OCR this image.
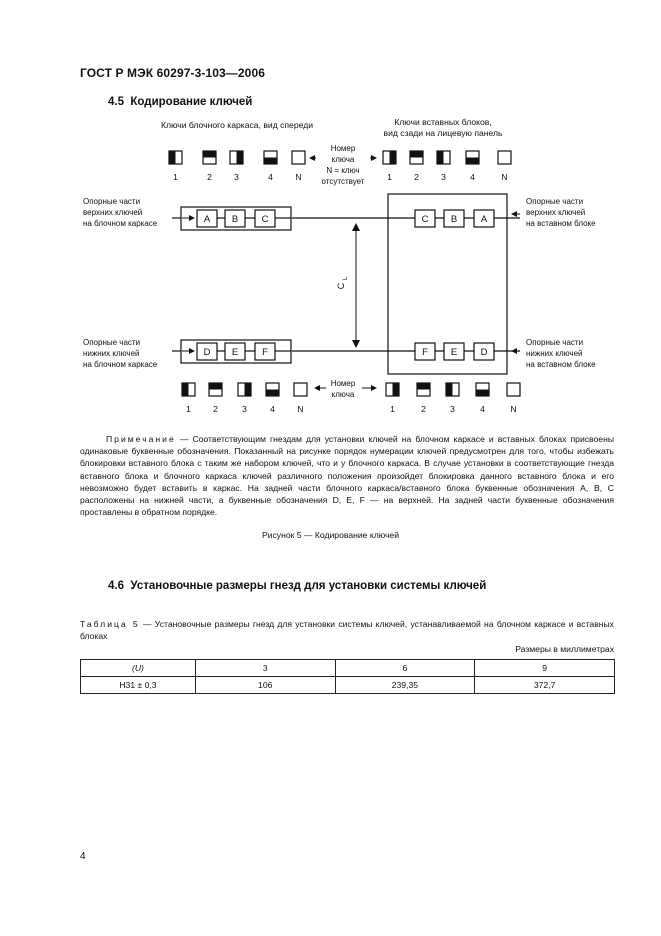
ГОСТ Р МЭК 60297-3-103—2006
4.5 Кодирование ключей
Ключи блочного каркаса, вид спереди	Ключи вставных блоков,
вид сзади на лицевую панель
Номер
ключа
N = ключ
отсутствует
1	2	3	4	N	1	2	3	4	N
Опорные части
верхних ключей
на блочном каркасе
Опорные части
нижних ключей
на блочном каркасе
Опорные части
верхних ключей
на вставном блоке
Опорные части
нижних ключей
на вставном блоке
A B C
D E	F
C B A
F E D
C
L
1	2	3	4	N
Номер
ключа
1	2	3	4	N
Примечание — Соответствующим гнездам для установки ключей на блочном каркасе и вставных блоках присвоены одинаковые буквенные обозначения. Показанный на рисунке порядок нумерации ключей предусмотрен для того, чтобы избежать блокировки вставного блока с таким же набором ключей, что и у блочного каркаса. В случае установки в соответствующие гнезда вставного блока и блочного каркаса ключей различного положения произойдет блокировка данного вставного блока и его невозможно будет вставить в каркас. На задней части блочного каркаса/вставного блока буквенные обозначения A, B, C расположены на нижней части, а буквенные обозначения D, E, F — на верхней. На задней части буквенные обозначения проставлены в обратном порядке.
Рисунок 5 — Кодирование ключей
4.6 Установочные размеры гнезд для установки системы ключей
Таблица 5 — Установочные размеры гнезд для установки системы ключей, устанавливаемой на блочном каркасе и вставных блоках
Размеры в миллиметрах
(U)	3	6	9
H31 ± 0,3	106	239,35	372,7
4
